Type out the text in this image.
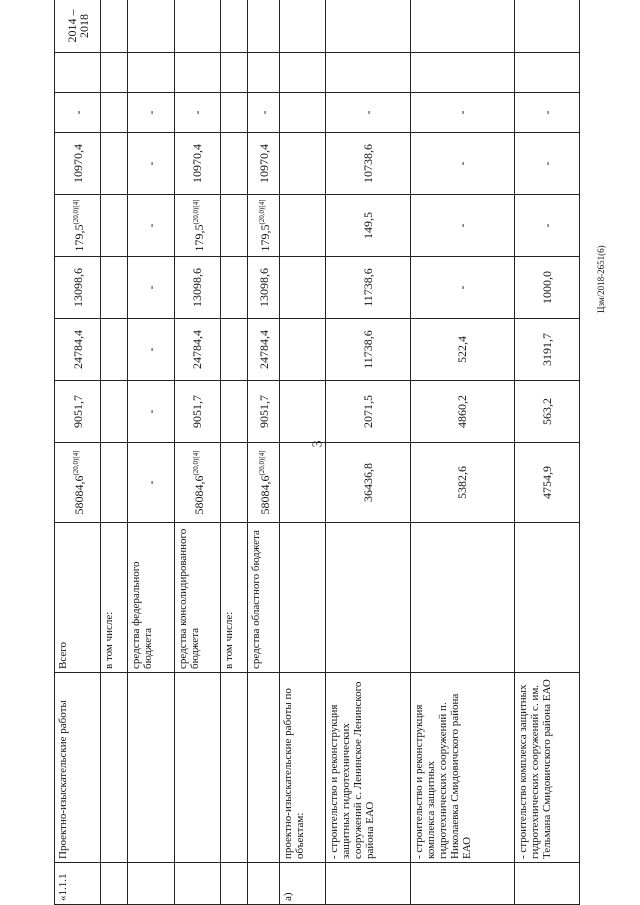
3
Цзм/2018-2651(6)
«1.1.1	Проектно-изыскательские работы	Всего	$58084,6^{(20,0)[4]}$	9051,7	24784,4	13098,6	$179,5^{(20,0)[4]}$	10970,4	-		2014 – 2018	
		в том числе:										
		средства федерального бюджета	-	-	-	-	-	-	-			
		средства консолидированного бюджета	$58084,6^{(20,0)[4]}$	9051,7	24784,4	13098,6	$179,5^{(20,0)[4]}$	10970,4	-			
		в том числе:										
		средства областного бюджета	$58084,6^{(20,0)[4]}$	9051,7	24784,4	13098,6	$179,5^{(20,0)[4]}$	10970,4	-			
а)	проектно-изыскательские работы по объектам:											
	- строительство и реконструкция защитных гидротехнических сооружений с. Ленинское Ленинского района ЕАО		36436,8	2071,5	11738,6	11738,6	149,5	10738,6	-			
	- строительство и реконструкция комплекса защитных гидротехнических сооружений п. Николаевка Смидовичского района ЕАО		5382,6	4860,2	522,4	-	-	-	-			
	- строительство комплекса защитных гидротехнических сооружений с. им. Тельмана Смидовичского района ЕАО		4754,9	563,2	3191,7	1000,0	-	-	-			
